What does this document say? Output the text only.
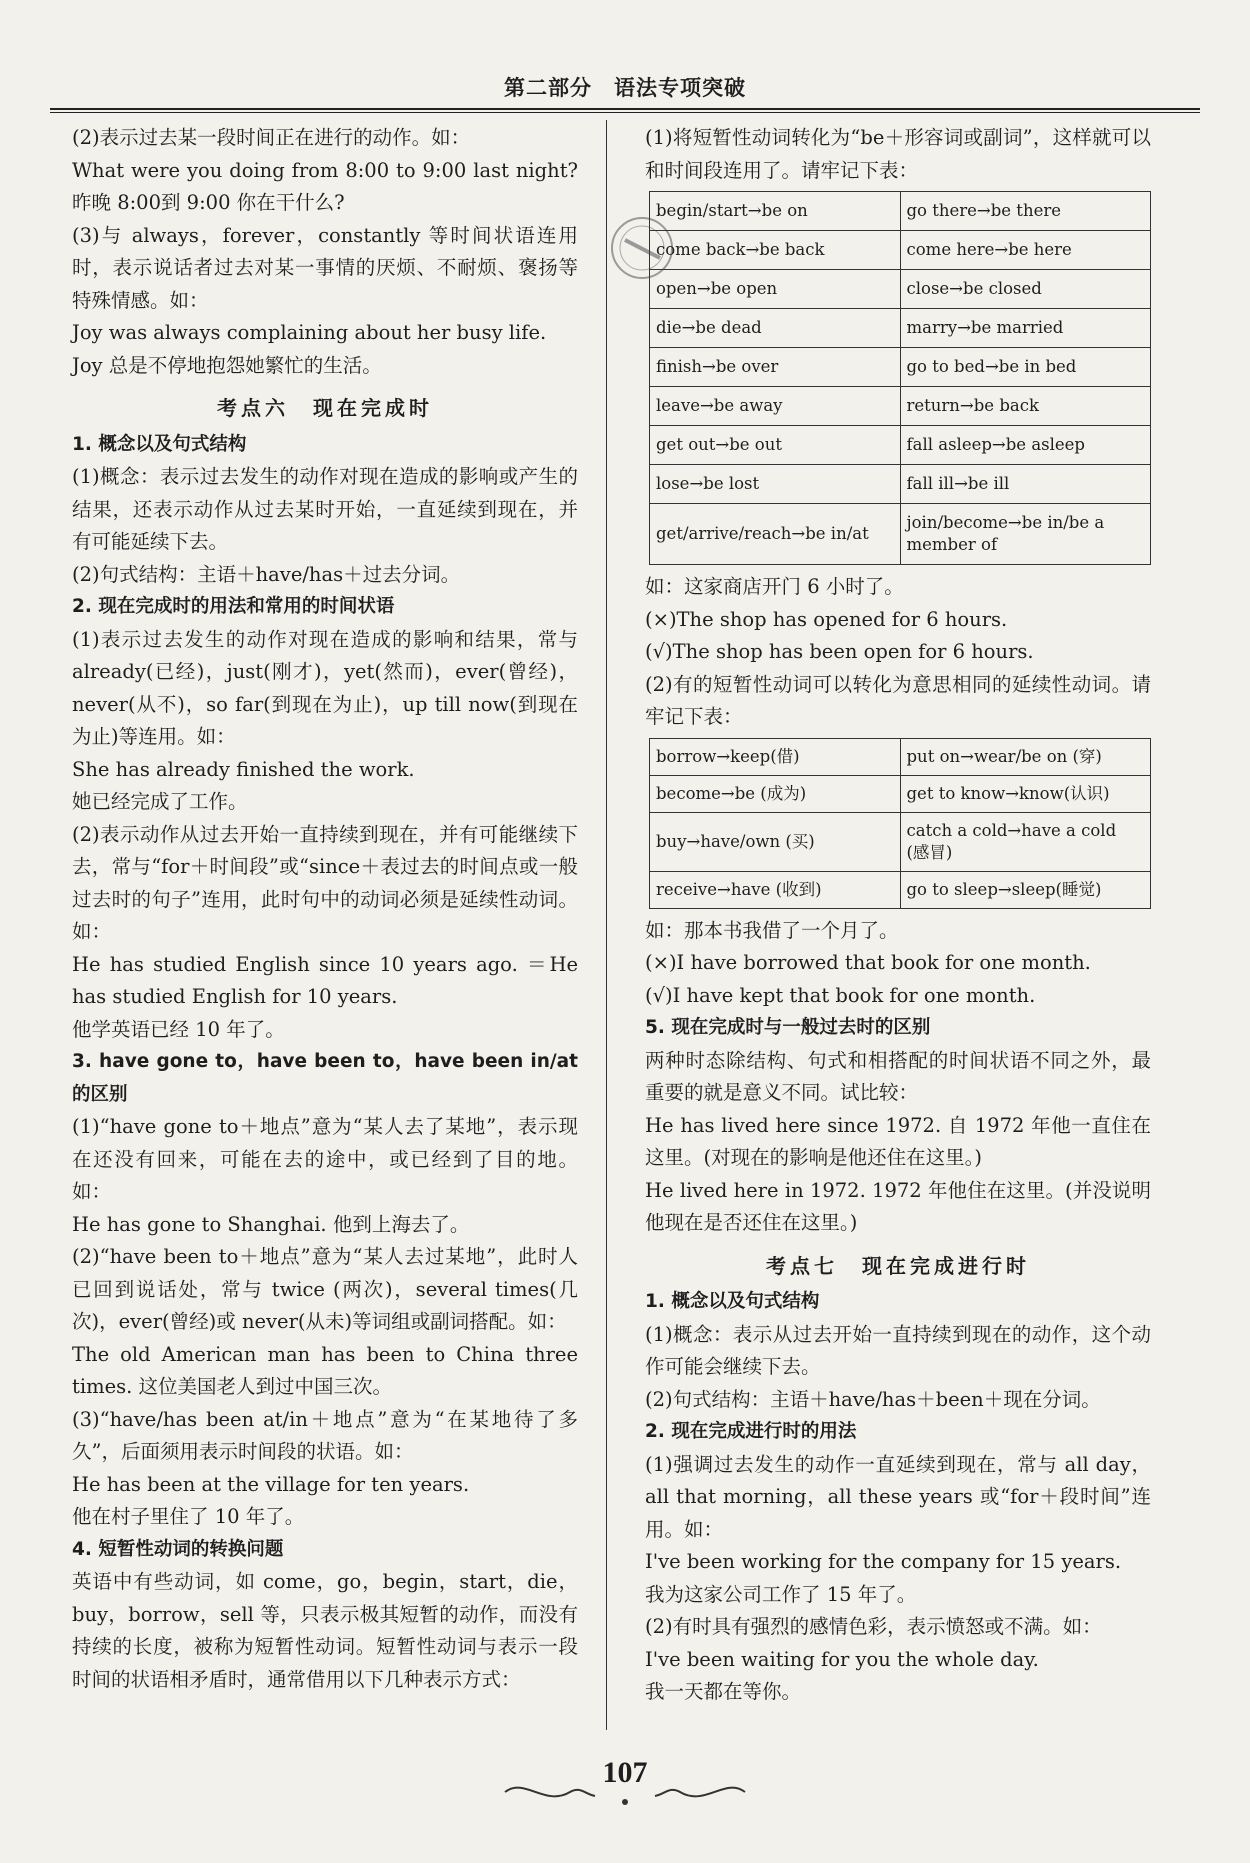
第二部分　语法专项突破

(2)表示过去某一段时间正在进行的动作。如：

What were you doing from 8:00 to 9:00 last night? 昨晚 8:00到 9:00 你在干什么?

(3)与 always，forever，constantly 等时间状语连用时，表示说话者过去对某一事情的厌烦、不耐烦、褒扬等特殊情感。如：

Joy was always complaining about her busy life.

Joy 总是不停地抱怨她繁忙的生活。

考点六　现在完成时

1. 概念以及句式结构

(1)概念：表示过去发生的动作对现在造成的影响或产生的结果，还表示动作从过去某时开始，一直延续到现在，并有可能延续下去。

(2)句式结构：主语＋have/has＋过去分词。

2. 现在完成时的用法和常用的时间状语

(1)表示过去发生的动作对现在造成的影响和结果，常与 already(已经)，just(刚才)，yet(然而)，ever(曾经)，never(从不)，so far(到现在为止)，up till now(到现在为止)等连用。如：

She has already finished the work.

她已经完成了工作。

(2)表示动作从过去开始一直持续到现在，并有可能继续下去，常与“for＋时间段”或“since＋表过去的时间点或一般过去时的句子”连用，此时句中的动词必须是延续性动词。如：

He has studied English since 10 years ago. ＝He has studied English for 10 years.

他学英语已经 10 年了。

3. have gone to，have been to，have been in/at 的区别

(1)“have gone to＋地点”意为“某人去了某地”，表示现在还没有回来，可能在去的途中，或已经到了目的地。如：

He has gone to Shanghai. 他到上海去了。

(2)“have been to＋地点”意为“某人去过某地”，此时人已回到说话处，常与 twice (两次)，several times(几次)，ever(曾经)或 never(从未)等词组或副词搭配。如：

The old American man has been to China three times. 这位美国老人到过中国三次。

(3)“have/has been at/in＋地点”意为“在某地待了多久”，后面须用表示时间段的状语。如：

He has been at the village for ten years.

他在村子里住了 10 年了。

4. 短暂性动词的转换问题

英语中有些动词，如 come，go，begin，start，die，buy，borrow，sell 等，只表示极其短暂的动作，而没有持续的长度，被称为短暂性动词。短暂性动词与表示一段时间的状语相矛盾时，通常借用以下几种表示方式：

(1)将短暂性动词转化为“be＋形容词或副词”，这样就可以和时间段连用了。请牢记下表：

begin/start→be on	go there→be there
come back→be back	come here→be here
open→be open	close→be closed
die→be dead	marry→be married
finish→be over	go to bed→be in bed
leave→be away	return→be back
get out→be out	fall asleep→be asleep
lose→be lost	fall ill→be ill
get/arrive/reach→be in/at	join/become→be in/be a member of

如：这家商店开门 6 小时了。

(×)The shop has opened for 6 hours.

(√)The shop has been open for 6 hours.

(2)有的短暂性动词可以转化为意思相同的延续性动词。请牢记下表：

borrow→keep(借)	put on→wear/be on (穿)
become→be (成为)	get to know→know(认识)
buy→have/own (买)	catch a cold→have a cold (感冒)
receive→have (收到)	go to sleep→sleep(睡觉)

如：那本书我借了一个月了。

(×)I have borrowed that book for one month.

(√)I have kept that book for one month.

5. 现在完成时与一般过去时的区别

两种时态除结构、句式和相搭配的时间状语不同之外，最重要的就是意义不同。试比较：

He has lived here since 1972. 自 1972 年他一直住在这里。(对现在的影响是他还住在这里。)

He lived here in 1972. 1972 年他住在这里。(并没说明他现在是否还住在这里。)

考点七　现在完成进行时

1. 概念以及句式结构

(1)概念：表示从过去开始一直持续到现在的动作，这个动作可能会继续下去。

(2)句式结构：主语＋have/has＋been＋现在分词。

2. 现在完成进行时的用法

(1)强调过去发生的动作一直延续到现在，常与 all day，all that morning，all these years 或“for＋段时间”连用。如：

I've been working for the company for 15 years.

我为这家公司工作了 15 年了。

(2)有时具有强烈的感情色彩，表示愤怒或不满。如：

I've been waiting for you the whole day.

我一天都在等你。

107
